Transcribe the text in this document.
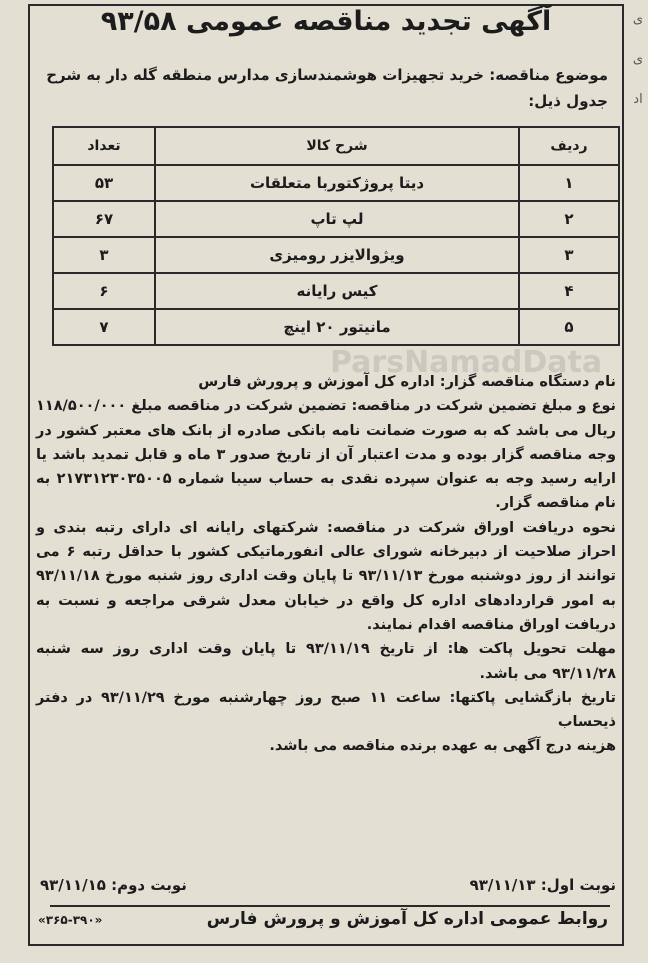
ی
ی
اد
آگهی تجدید مناقصه عمومی ۹۳/۵۸
موضوع مناقصه: خرید تجهیزات هوشمندسازی مدارس منطقه گله دار به شرح جدول ذیل:
ردیف	شرح کالا	تعداد
۱	دیتا پروژکتوربا متعلقات	۵۳
۲	لپ تاپ	۶۷
۳	ویژوالایزر رومیزی	۳
۴	کیس رایانه	۶
۵	مانیتور ۲۰ اینچ	۷
ParsNamadData

نام دستگاه مناقصه گزار: اداره کل آموزش و پرورش فارس

نوع و مبلغ تضمین شرکت در مناقصه: تضمین شرکت در مناقصه مبلغ ۱۱۸/۵۰۰/۰۰۰ ریال می باشد که به صورت ضمانت نامه بانکی صادره از بانک های معتبر کشور در وجه مناقصه گزار بوده و مدت اعتبار آن از تاریخ صدور ۳ ماه و قابل تمدید باشد یا ارایه رسید وجه به عنوان سپرده نقدی به حساب سیبا شماره ۲۱۷۳۱۲۳۰۳۵۰۰۵ به نام مناقصه گزار.

نحوه دریافت اوراق شرکت در مناقصه: شرکتهای رایانه ای دارای رتبه بندی و احراز صلاحیت از دبیرخانه شورای عالی انفورماتیکی کشور با حداقل رتبه ۶ می توانند از روز دوشنبه مورخ ۹۳/۱۱/۱۳ تا پایان وقت اداری روز شنبه مورخ ۹۳/۱۱/۱۸ به امور قراردادهای اداره کل واقع در خیابان معدل شرقی مراجعه و نسبت به دریافت اوراق مناقصه اقدام نمایند.

مهلت تحویل پاکت ها: از تاریخ ۹۳/۱۱/۱۹ تا پایان وقت اداری روز سه شنبه ۹۳/۱۱/۲۸ می باشد.

تاریخ بازگشایی پاکتها: ساعت ۱۱ صبح روز چهارشنبه مورخ ۹۳/۱۱/۲۹ در دفتر ذیحساب

هزینه درج آگهی به عهده برنده مناقصه می باشد.

نوبت اول: ۹۳/۱۱/۱۳
نوبت دوم: ۹۳/۱۱/۱۵
روابط عمومی اداره کل آموزش و پرورش فارس
«۳۶۵-۳۹۰»
